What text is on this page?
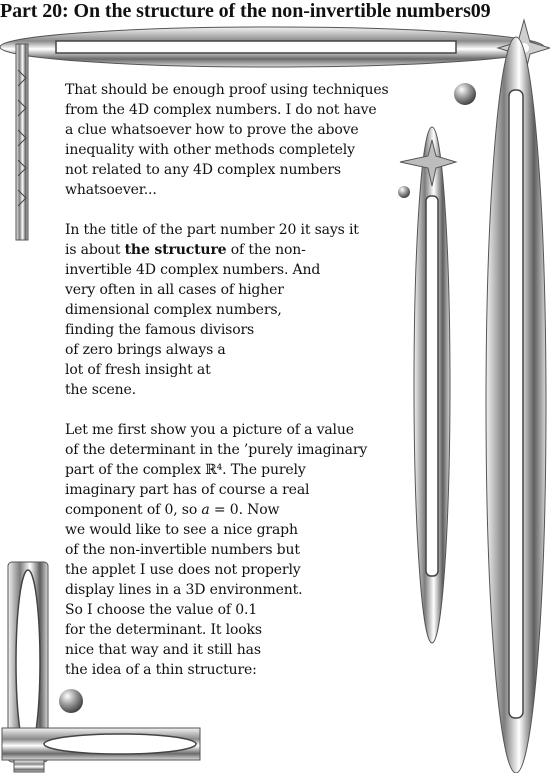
Part 20: On the structure of the non-invertible numbers09

That should be enough proof using techniques
from the 4D complex numbers. I do not have
a clue whatsoever how to prove the above
inequality with other methods completely
not related to any 4D complex numbers
whatsoever...

In the title of the part number 20 it says it
is about the structure of the non-
invertible 4D complex numbers. And
very often in all cases of higher
dimensional complex numbers,
finding the famous divisors
of zero brings always a
lot of fresh insight at
the scene.

Let me first show you a picture of a value
of the determinant in the ’purely imaginary
part of the complex ℝ⁴. The purely
imaginary part has of course a real
component of 0, so a = 0. Now
we would like to see a nice graph
of the non-invertible numbers but
the applet I use does not properly
display lines in a 3D environment.
So I choose the value of 0.1
for the determinant. It looks
nice that way and it still has
the idea of a thin structure:
